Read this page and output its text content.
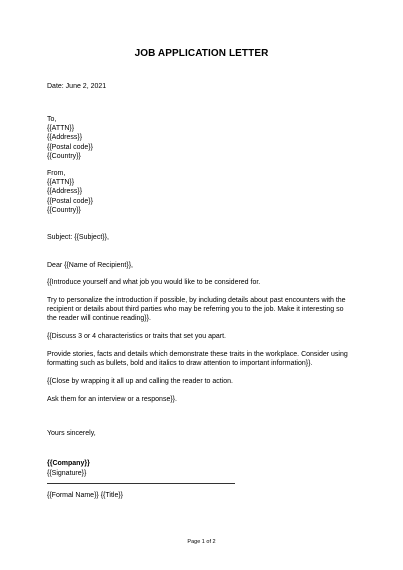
JOB APPLICATION LETTER
Date: June 2, 2021
To,
{{ATTN}}
{{Address}}
{{Postal code}}
{{Country}}
From,
{{ATTN}}
{{Address}}
{{Postal code}}
{{Country}}
Subject: {{Subject}},
Dear {{Name of Recipient}},
{{Introduce yourself and what job you would like to be considered for.
Try to personalize the introduction if possible, by including details about past encounters with the recipient or details about third parties who may be referring you to the job. Make it interesting so the reader will continue reading}}.
{{Discuss 3 or 4 characteristics or traits that set you apart.
Provide stories, facts and details which demonstrate these traits in the workplace. Consider using formatting such as bullets, bold and italics to draw attention to important information}}.
{{Close by wrapping it all up and calling the reader to action.
Ask them for an interview or a response}}.
Yours sincerely,
{{Company}}
{{Signature}}
{{Formal Name}} {{Title}}
Page 1 of 2
